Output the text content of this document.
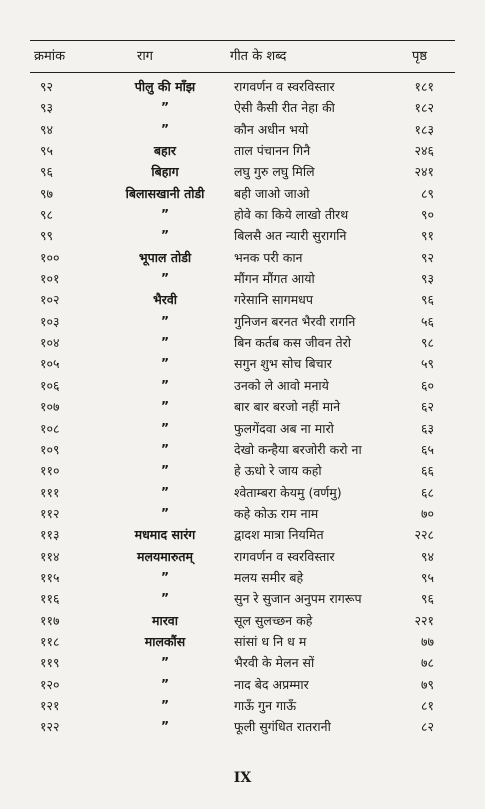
क्रमांक	राग	गीत के शब्द	पृष्ठ
९२	पीलु की माँझ	रागवर्णन व स्वरविस्तार	१८१
९३	”	ऐसी कैसी रीत नेहा की	१८२
९४	”	कौन अधीन भयो	१८३
९५	बहार	ताल पंचानन गिनै	२४६
९६	बिहाग	लघु गुरु लघु मिलि	२४१
९७	बिलासखानी तोडी	बही जाओ जाओ	८९
९८	”	होवे का किये लाखो तीरथ	९०
९९	”	बिलसै अत न्यारी सुरागनि	९१
१००	भूपाल तोडी	भनक परी कान	९२
१०१	”	मौंगन मौंगत आयो	९३
१०२	भैरवी	गरेसानि सागमधप	९६
१०३	”	गुनिजन बरनत भैरवी रागनि	५६
१०४	”	बिन कर्तब कस जीवन तेरो	९८
१०५	”	सगुन शुभ सोच बिचार	५९
१०६	”	उनको ले आवो मनाये	६०
१०७	”	बार बार बरजो नहीं माने	६२
१०८	”	फुलगेंदवा अब ना मारो	६३
१०९	”	देखो कन्हैया बरजोरी करो ना	६५
११०	”	हे ऊधो रे जाय कहो	६६
१११	”	श्वेताम्बरा केयमु (वर्णमु)	६८
११२	”	कहे कोऊ राम नाम	७०
११३	मधमाद सारंग	द्वादश मात्रा नियमित	२२८
११४	मलयमारुतम्	रागवर्णन व स्वरविस्तार	९४
११५	”	मलय समीर बहे	९५
११६	”	सुन रे सुजान अनुपम रागरूप	९६
११७	मारवा	सूल सुलच्छन कहे	२२१
११८	मालकौंस	सांसां ध नि ध म	७७
११९	”	भैरवी के मेलन सों	७८
१२०	”	नाद बेद अप्रम्मार	७९
१२१	”	गाऊँ गुन गाऊँ	८१
१२२	”	फूली सुगंधित रातरानी	८२
IX
